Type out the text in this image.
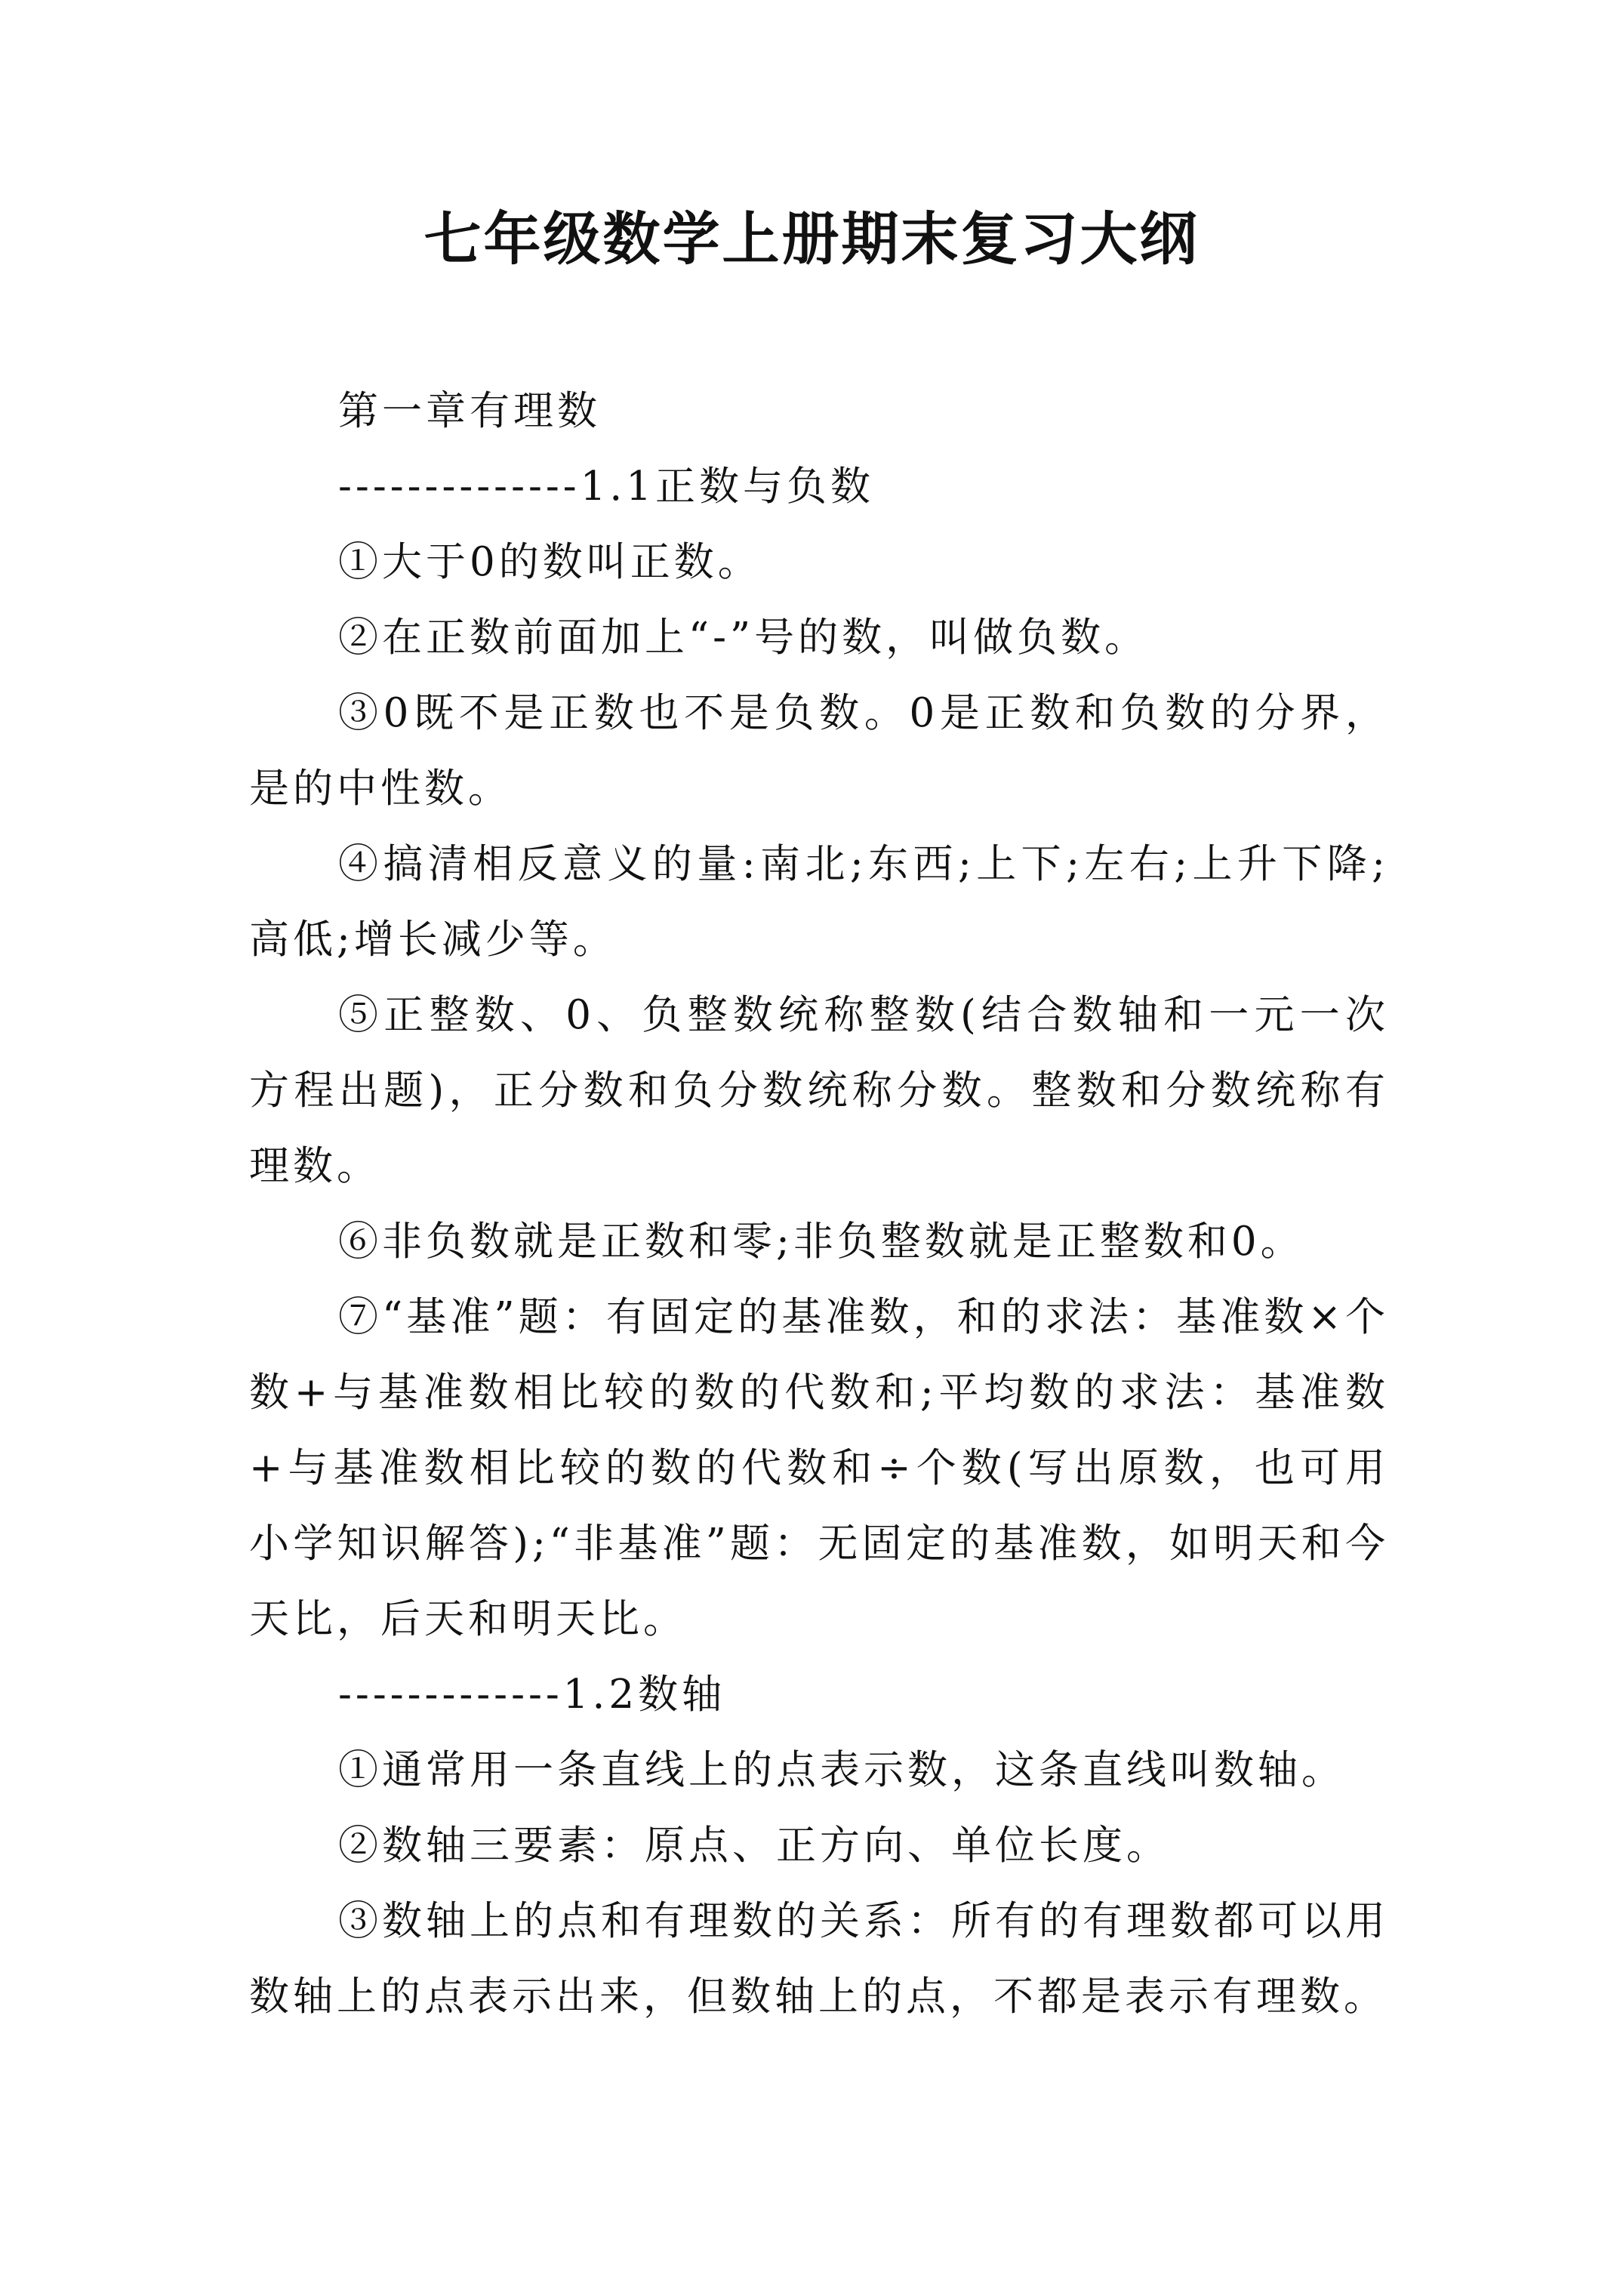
七年级数学上册期末复习大纲

第一章有理数

--------------1.1正数与负数

①大于0的数叫正数。

②在正数前面加上“-”号的数，叫做负数。

③0既不是正数也不是负数。0是正数和负数的分界，是的中性数。

④搞清相反意义的量:南北;东西;上下;左右;上升下降;高低;增长减少等。

⑤正整数、0、负整数统称整数(结合数轴和一元一次方程出题)，正分数和负分数统称分数。整数和分数统称有理数。

⑥非负数就是正数和零;非负整数就是正整数和0。

⑦“基准”题：有固定的基准数，和的求法：基准数×个数+与基准数相比较的数的代数和;平均数的求法：基准数+与基准数相比较的数的代数和÷个数(写出原数，也可用小学知识解答);“非基准”题：无固定的基准数，如明天和今天比，后天和明天比。

-------------1.2数轴

①通常用一条直线上的点表示数，这条直线叫数轴。

②数轴三要素：原点、正方向、单位长度。

③数轴上的点和有理数的关系：所有的有理数都可以用数轴上的点表示出来，但数轴上的点，不都是表示有理数。
